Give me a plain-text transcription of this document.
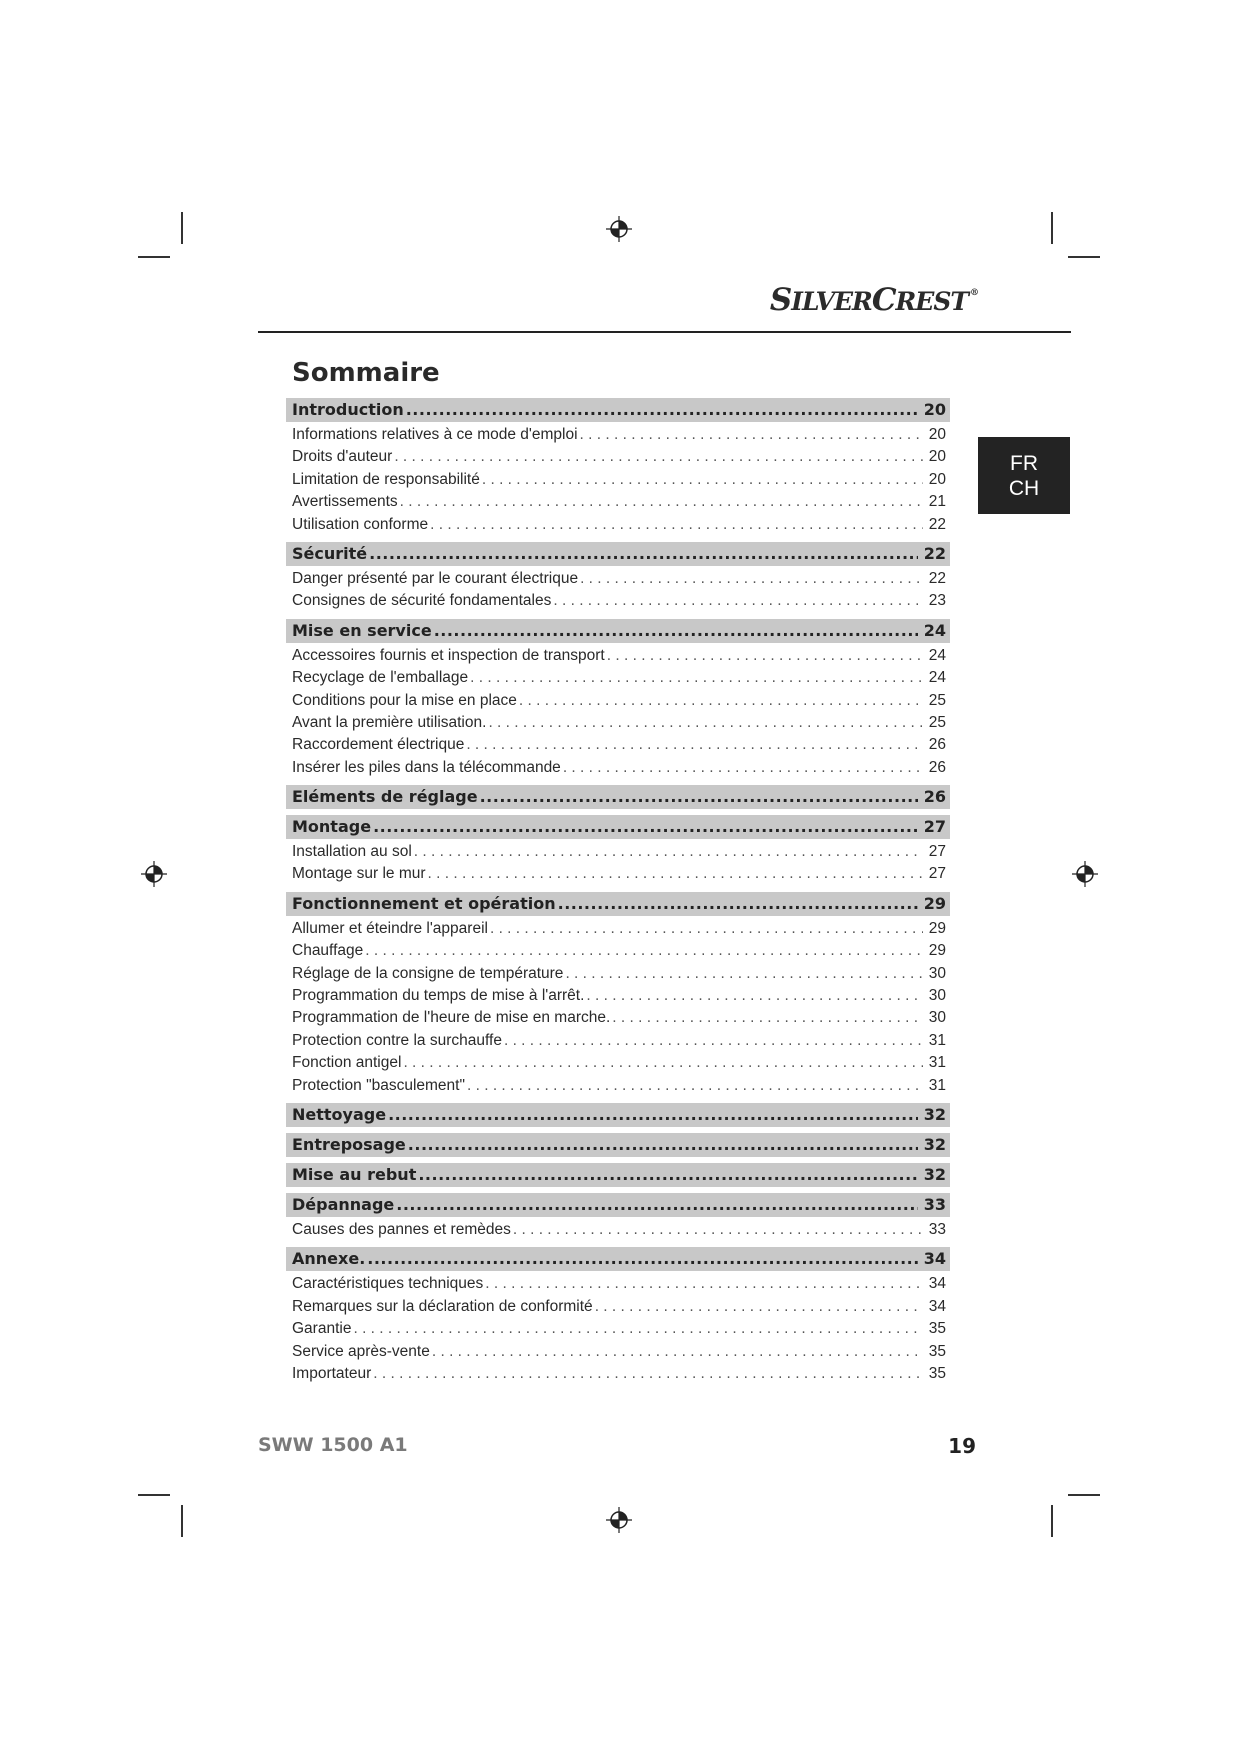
SILVERCREST ®
Sommaire
FR
CH
Introduction .....	20
Informations relatives à ce mode d'emploi . . .	20
Droits d'auteur . . .	20
Limitation de responsabilité . . .	20
Avertissements . . .	21
Utilisation conforme . . .	22
Sécurité .....	22
Danger présenté par le courant électrique . . .	22
Consignes de sécurité fondamentales . . .	23
Mise en service .....	24
Accessoires fournis et inspection de transport . . .	24
Recyclage de l'emballage . . .	24
Conditions pour la mise en place . . .	25
Avant la première utilisation. . . .	25
Raccordement électrique . . .	26
Insérer les piles dans la télécommande . . .	26
Eléments de réglage .....	26
Montage .....	27
Installation au sol . . .	27
Montage sur le mur . . .	27
Fonctionnement et opération .....	29
Allumer et éteindre l'appareil . . .	29
Chauffage . . .	29
Réglage de la consigne de température . . .	30
Programmation du temps de mise à l'arrêt. . . .	30
Programmation de l'heure de mise en marche. . . .	30
Protection contre la surchauffe . . .	31
Fonction antigel . . .	31
Protection "basculement" . . .	31
Nettoyage .....	32
Entreposage .....	32
Mise au rebut .....	32
Dépannage .....	33
Causes des pannes et remèdes . . .	33
Annexe. .....	34
Caractéristiques techniques . . .	34
Remarques sur la déclaration de conformité . . .	34
Garantie . . .	35
Service après-vente . . .	35
Importateur . . .	35
SWW 1500 A1	19
